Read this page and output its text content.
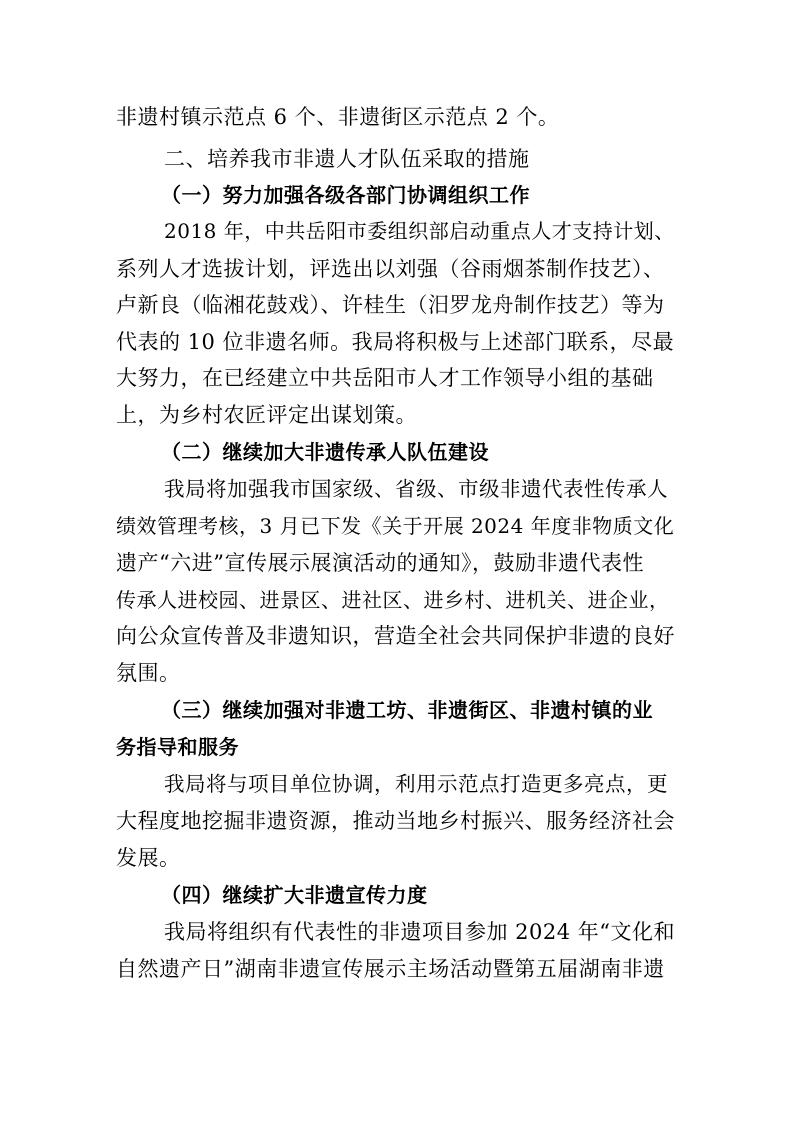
非遗村镇示范点 6 个、非遗街区示范点 2 个。
二、培养我市非遗人才队伍采取的措施
（一）努力加强各级各部门协调组织工作
2018 年，中共岳阳市委组织部启动重点人才支持计划、
系列人才选拔计划，评选出以刘强（谷雨烟茶制作技艺）、
卢新良（临湘花鼓戏）、许桂生（汨罗龙舟制作技艺）等为
代表的 10 位非遗名师。我局将积极与上述部门联系，尽最
大努力，在已经建立中共岳阳市人才工作领导小组的基础
上，为乡村农匠评定出谋划策。
（二）继续加大非遗传承人队伍建设
我局将加强我市国家级、省级、市级非遗代表性传承人
绩效管理考核，3 月已下发《关于开展 2024 年度非物质文化
遗产“六进”宣传展示展演活动的通知》，鼓励非遗代表性
传承人进校园、进景区、进社区、进乡村、进机关、进企业，
向公众宣传普及非遗知识，营造全社会共同保护非遗的良好
氛围。
（三）继续加强对非遗工坊、非遗街区、非遗村镇的业
务指导和服务
我局将与项目单位协调，利用示范点打造更多亮点，更
大程度地挖掘非遗资源，推动当地乡村振兴、服务经济社会
发展。
（四）继续扩大非遗宣传力度
我局将组织有代表性的非遗项目参加 2024 年“文化和
自然遗产日”湖南非遗宣传展示主场活动暨第五届湖南非遗
